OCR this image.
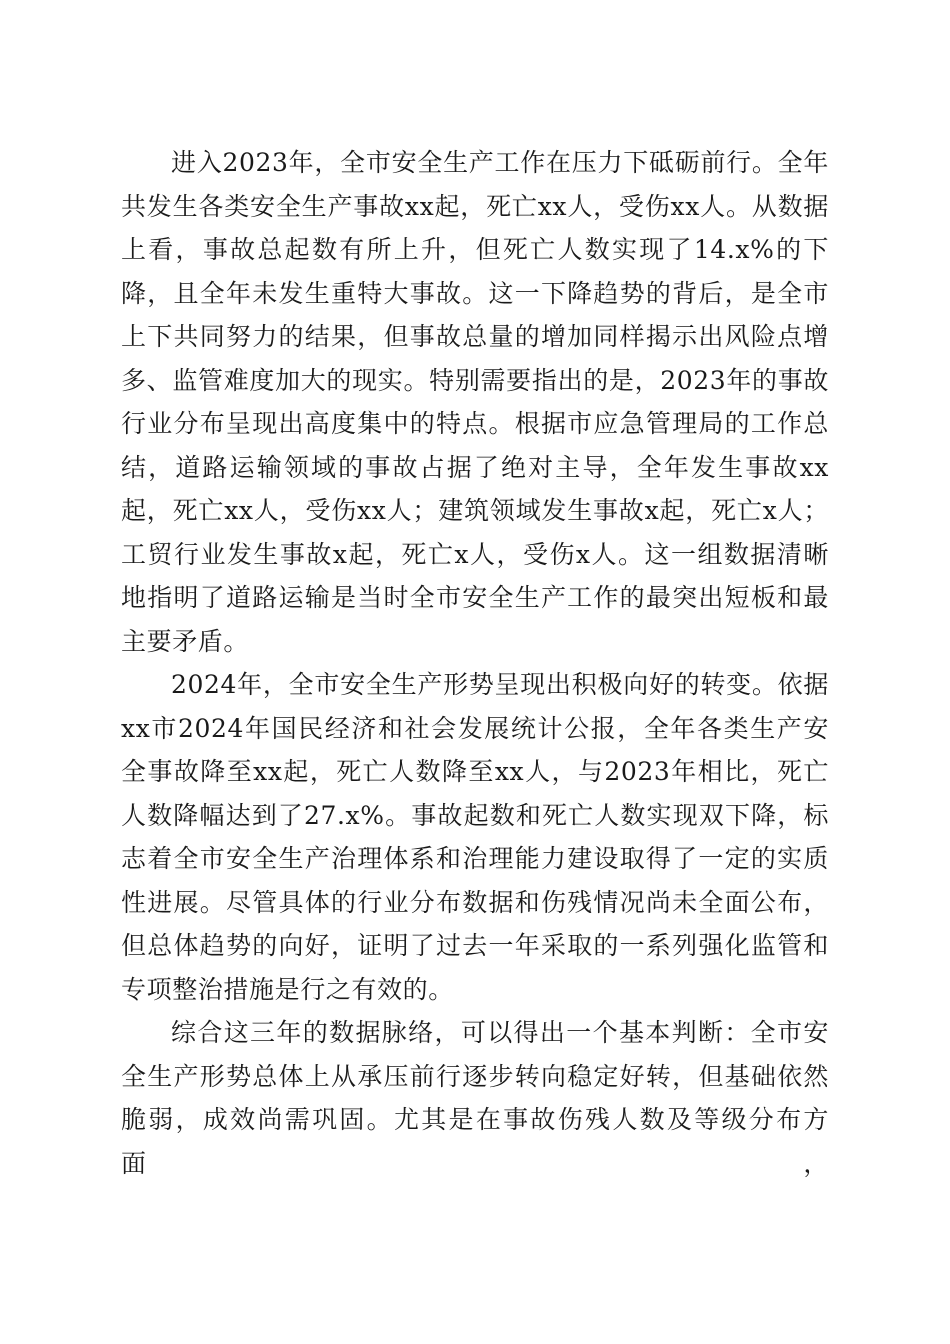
进入2023年，全市安全生产工作在压力下砥砺前行。全年共发生各类安全生产事故xx起，死亡xx人，受伤xx人。从数据上看，事故总起数有所上升，但死亡人数实现了14.x%的下降，且全年未发生重特大事故。这一下降趋势的背后，是全市上下共同努力的结果，但事故总量的增加同样揭示出风险点增多、监管难度加大的现实。特别需要指出的是，2023年的事故行业分布呈现出高度集中的特点。根据市应急管理局的工作总结，道路运输领域的事故占据了绝对主导，全年发生事故xx起，死亡xx人，受伤xx人；建筑领域发生事故x起，死亡x人；工贸行业发生事故x起，死亡x人，受伤x人。这一组数据清晰地指明了道路运输是当时全市安全生产工作的最突出短板和最主要矛盾。

2024年，全市安全生产形势呈现出积极向好的转变。依据xx市2024年国民经济和社会发展统计公报，全年各类生产安全事故降至xx起，死亡人数降至xx人，与2023年相比，死亡人数降幅达到了27.x%。事故起数和死亡人数实现双下降，标志着全市安全生产治理体系和治理能力建设取得了一定的实质性进展。尽管具体的行业分布数据和伤残情况尚未全面公布，但总体趋势的向好，证明了过去一年采取的一系列强化监管和专项整治措施是行之有效的。

综合这三年的数据脉络，可以得出一个基本判断：全市安全生产形势总体上从承压前行逐步转向稳定好转，但基础依然脆弱，成效尚需巩固。尤其是在事故伤残人数及等级分布方面，
